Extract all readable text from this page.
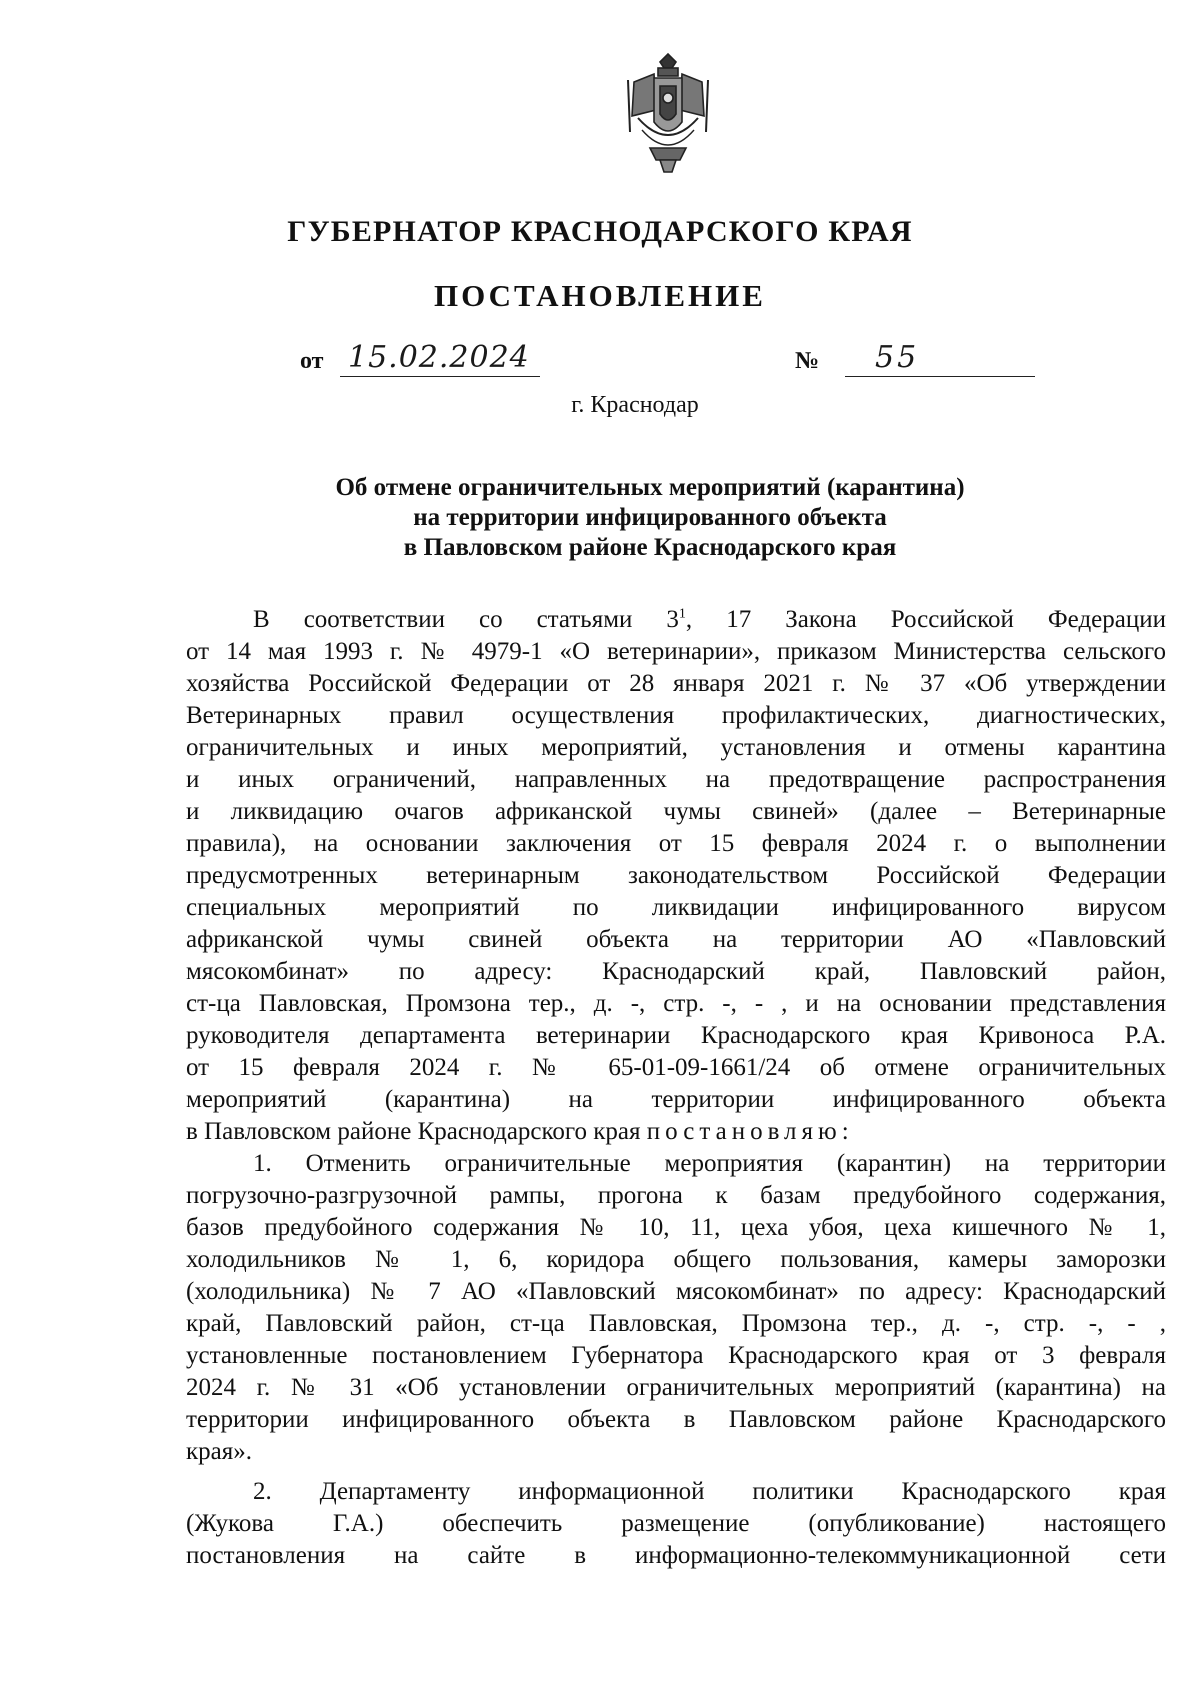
ГУБЕРНАТОР КРАСНОДАРСКОГО КРАЯ
ПОСТАНОВЛЕНИЕ
от 15.02.2024	№ 55
г. Краснодар
Об отмене ограничительных мероприятий (карантина)
на территории инфицированного объекта
в Павловском районе Краснодарского края
В соответствии со статьями $3^1$, 17 Закона Российской Федерации
от 14 мая 1993 г. № 4979-1 «О ветеринарии», приказом Министерства сельского
хозяйства Российской Федерации от 28 января 2021 г. № 37 «Об утверждении
Ветеринарных правил осуществления профилактических, диагностических,
ограничительных и иных мероприятий, установления и отмены карантина
и иных ограничений, направленных на предотвращение распространения
и ликвидацию очагов африканской чумы свиней» (далее – Ветеринарные
правила), на основании заключения от 15 февраля 2024 г. о выполнении
предусмотренных ветеринарным законодательством Российской Федерации
специальных мероприятий по ликвидации инфицированного вирусом
африканской чумы свиней объекта на территории АО «Павловский
мясокомбинат» по адресу: Краснодарский край, Павловский район,
ст-ца Павловская, Промзона тер., д. -, стр. -, - , и на основании представления
руководителя департамента ветеринарии Краснодарского края Кривоноса Р.А.
от 15 февраля 2024 г. № 65-01-09-1661/24 об отмене ограничительных
мероприятий (карантина) на территории инфицированного объекта
в Павловском районе Краснодарского края постановляю:
1. Отменить ограничительные мероприятия (карантин) на территории
погрузочно-разгрузочной рампы, прогона к базам предубойного содержания,
базов предубойного содержания № 10, 11, цеха убоя, цеха кишечного № 1,
холодильников № 1, 6, коридора общего пользования, камеры заморозки
(холодильника) № 7 АО «Павловский мясокомбинат» по адресу: Краснодарский
край, Павловский район, ст-ца Павловская, Промзона тер., д. -, стр. -, - ,
установленные постановлением Губернатора Краснодарского края от 3 февраля
2024 г. № 31 «Об установлении ограничительных мероприятий (карантина) на
территории инфицированного объекта в Павловском районе Краснодарского
края».
2. Департаменту информационной политики Краснодарского края
(Жукова Г.А.) обеспечить размещение (опубликование) настоящего
постановления на сайте в информационно-телекоммуникационной сети
